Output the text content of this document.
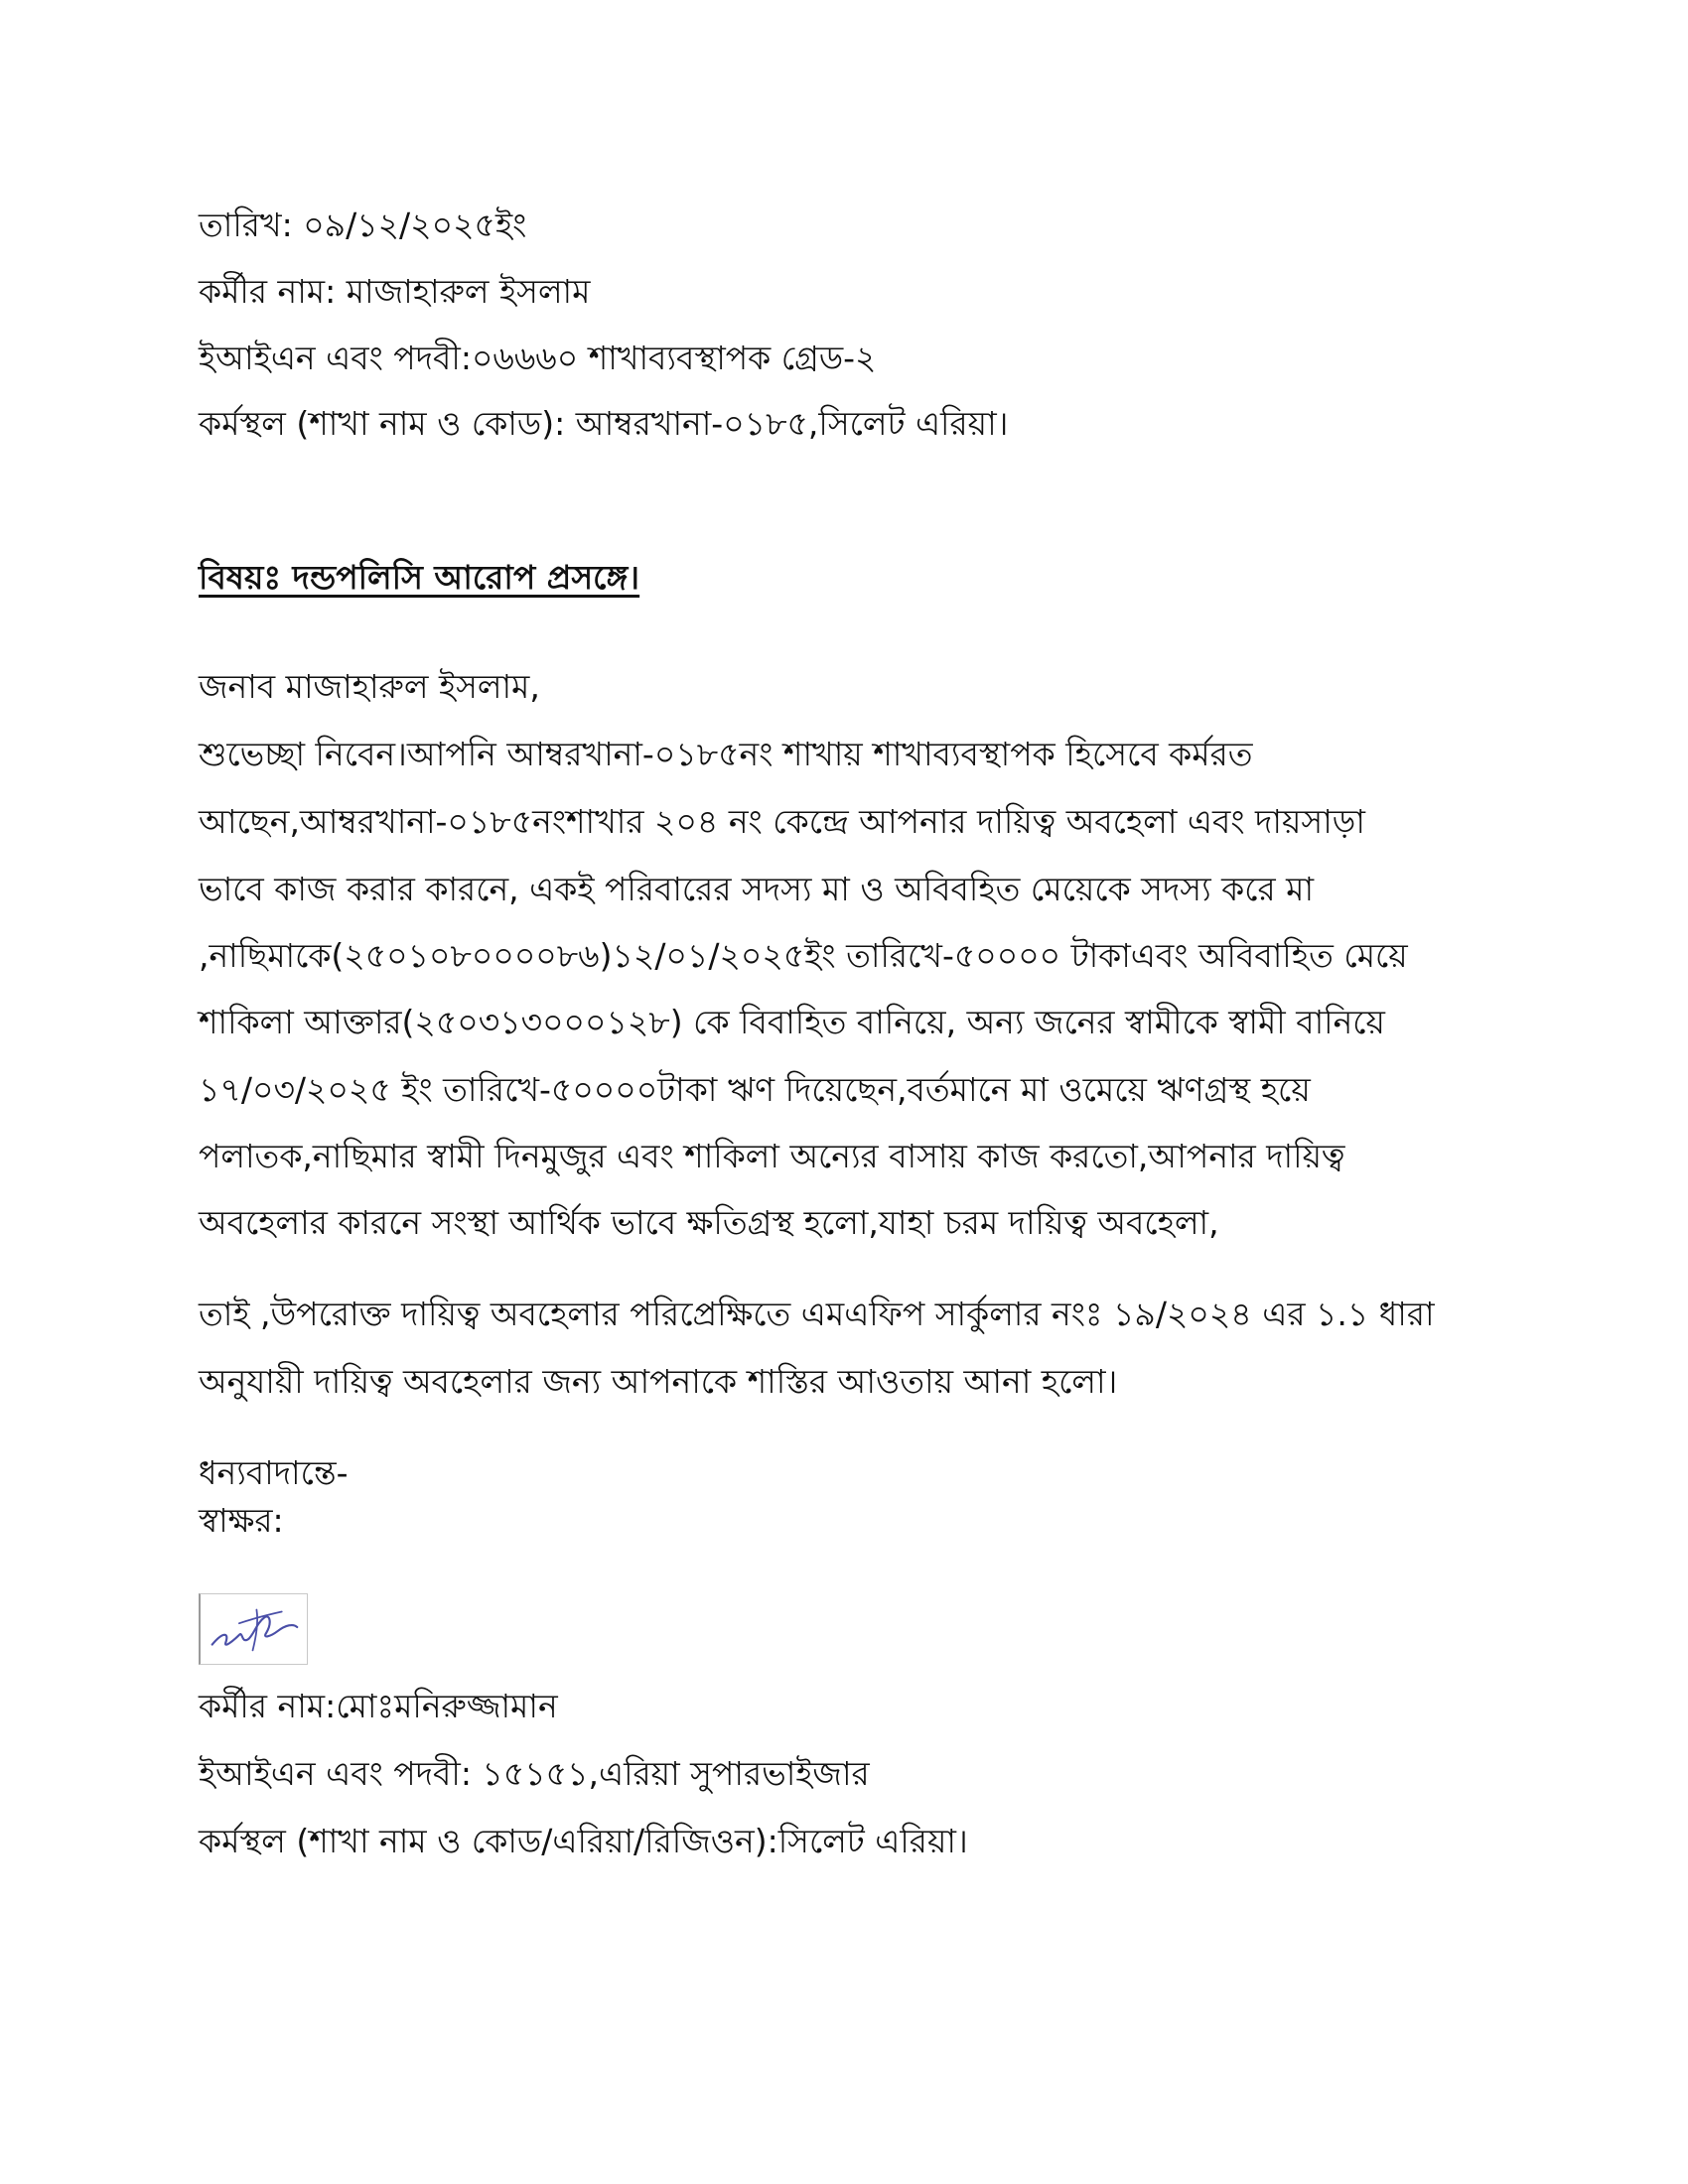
তারিখ: ০৯/১২/২০২৫ইং
কর্মীর নাম: মাজাহারুল ইসলাম
ইআইএন এবং পদবী:০৬৬৬০ শাখাব্যবস্থাপক গ্রেড-২
কর্মস্থল (শাখা নাম ও কোড): আম্বরখানা-০১৮৫,সিলেট এরিয়া।
বিষয়ঃ দন্ডপলিসি আরোপ প্রসঙ্গে।
জনাব মাজাহারুল ইসলাম,
শুভেচ্ছা নিবেন।আপনি আম্বরখানা-০১৮৫নং শাখায় শাখাব্যবস্থাপক হিসেবে কর্মরত
আছেন,আম্বরখানা-০১৮৫নংশাখার ২০৪ নং কেন্দ্রে আপনার দায়িত্ব অবহেলা এবং দায়সাড়া
ভাবে কাজ করার কারনে, একই পরিবারের সদস্য মা ও অবিবহিত মেয়েকে সদস্য করে মা
,নাছিমাকে(২৫০১০৮০০০০৮৬)১২/০১/২০২৫ইং তারিখে-৫০০০০ টাকাএবং অবিবাহিত মেয়ে
শাকিলা আক্তার(২৫০৩১৩০০০১২৮) কে বিবাহিত বানিয়ে, অন্য জনের স্বামীকে স্বামী বানিয়ে
১৭/০৩/২০২৫ ইং তারিখে-৫০০০০টাকা ঋণ দিয়েছেন,বর্তমানে মা ওমেয়ে ঋণগ্রস্থ হয়ে
পলাতক,নাছিমার স্বামী দিনমুজুর এবং শাকিলা অন্যের বাসায় কাজ করতো,আপনার দায়িত্ব
অবহেলার কারনে সংস্থা আর্থিক ভাবে ক্ষতিগ্রস্থ হলো,যাহা চরম দায়িত্ব অবহেলা,
তাই ,উপরোক্ত দায়িত্ব অবহেলার পরিপ্রেক্ষিতে এমএফিপ সার্কুলার নংঃ ১৯/২০২৪ এর ১.১ ধারা
অনুযায়ী দায়িত্ব অবহেলার জন্য আপনাকে শাস্তির আওতায় আনা হলো।
ধন্যবাদান্তে-
স্বাক্ষর:
কর্মীর নাম:মোঃমনিরুজ্জামান
ইআইএন এবং পদবী: ১৫১৫১,এরিয়া সুপারভাইজার
কর্মস্থল (শাখা নাম ও কোড/এরিয়া/রিজিওন):সিলেট এরিয়া।
